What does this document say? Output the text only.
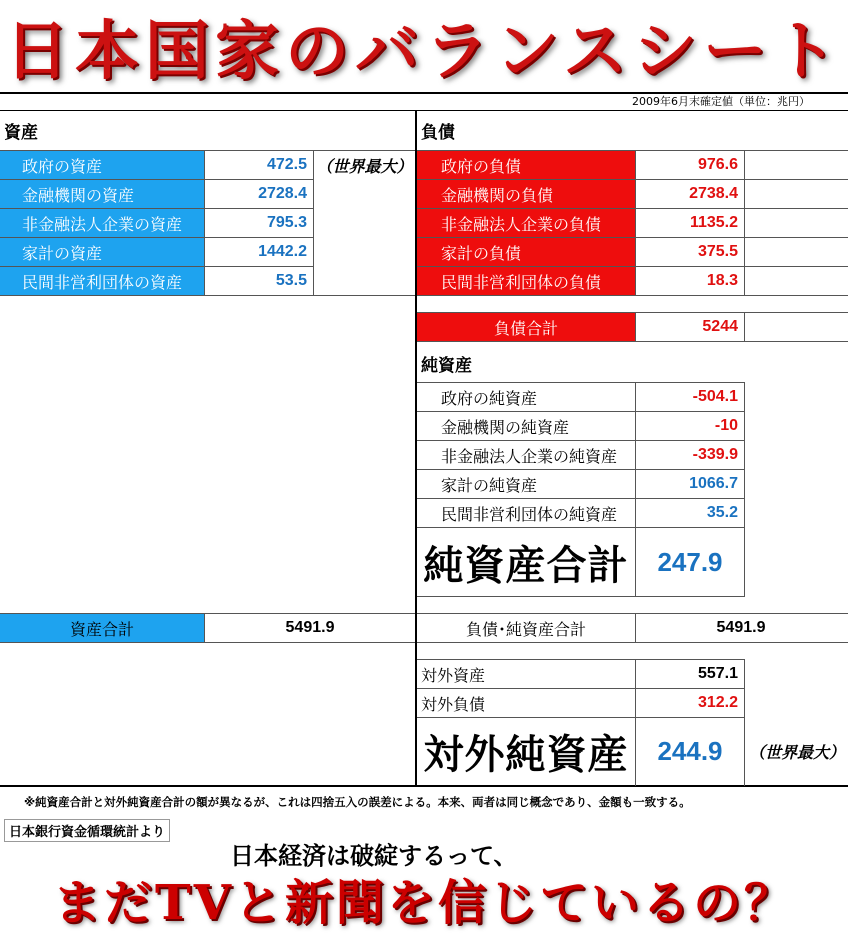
日本国家のバランスシート
2009年6月末確定値（単位：兆円）
資産
政府の資産	472.5 （世界最大）
金融機関の資産	2728.4
非金融法人企業の資産	795.3
家計の資産	1442.2
民間非営利団体の資産	53.5
資産合計	5491.9
負債
政府の負債	976.6
金融機関の負債	2738.4
非金融法人企業の負債	1135.2
家計の負債	375.5
民間非営利団体の負債	18.3
負債合計	5244
純資産
政府の純資産	-504.1
金融機関の純資産	-10
非金融法人企業の純資産	-339.9
家計の純資産	1066.7
民間非営利団体の純資産	35.2
純資産合計	247.9
負債･純資産合計	5491.9
対外資産	557.1
対外負債	312.2
対外純資産	244.9	（世界最大）
※純資産合計と対外純資産合計の額が異なるが、これは四捨五入の誤差による。本来、両者は同じ概念であり、金額も一致する。
日本銀行資金循環統計より
日本経済は破綻するって、
まだTVと新聞を信じているの？
